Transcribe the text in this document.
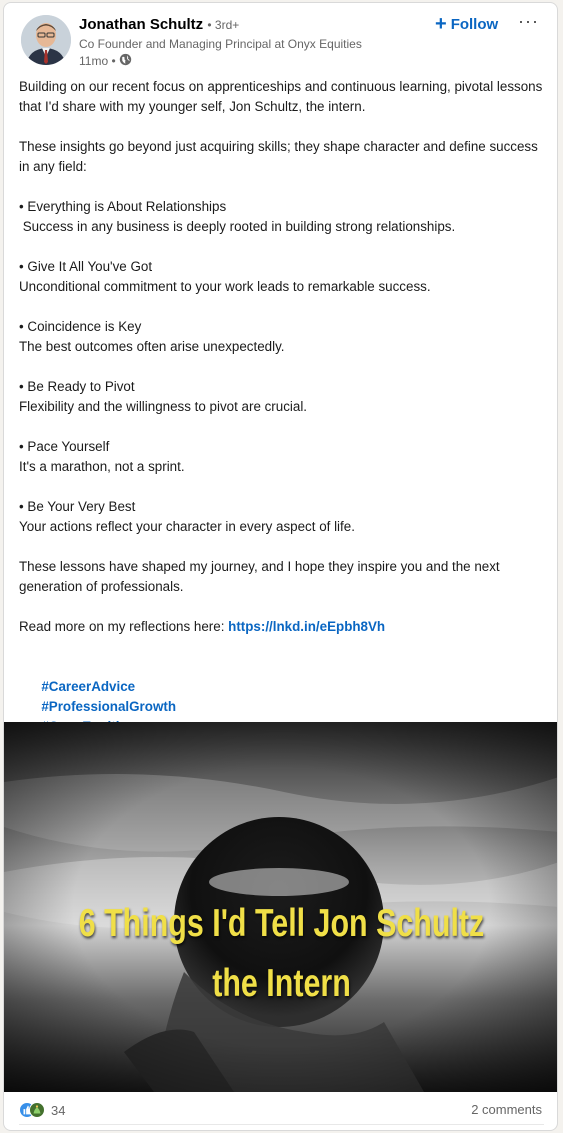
Jonathan Schultz • 3rd+
Co Founder and Managing Principal at Onyx Equities
11mo •
+ Follow ···

Building on our recent focus on apprenticeships and continuous learning, pivotal lessons that I'd share with my younger self, Jon Schultz, the intern.

These insights go beyond just acquiring skills; they shape character and define success in any field:

• Everything is About Relationships

Success in any business is deeply rooted in building strong relationships.

• Give It All You've Got

Unconditional commitment to your work leads to remarkable success.

• Coincidence is Key

The best outcomes often arise unexpectedly.

• Be Ready to Pivot

Flexibility and the willingness to pivot are crucial.

• Pace Yourself

It's a marathon, not a sprint.

• Be Your Very Best

Your actions reflect your character in every aspect of life.

These lessons have shaped my journey, and I hope they inspire you and the next generation of professionals.

Read more on my reflections here: https://lnkd.in/eEpbh8Vh

#CareerAdvice
#ProfessionalGrowth

6 Things I'd Tell Jon Schultz
the Intern
34	2 comments
